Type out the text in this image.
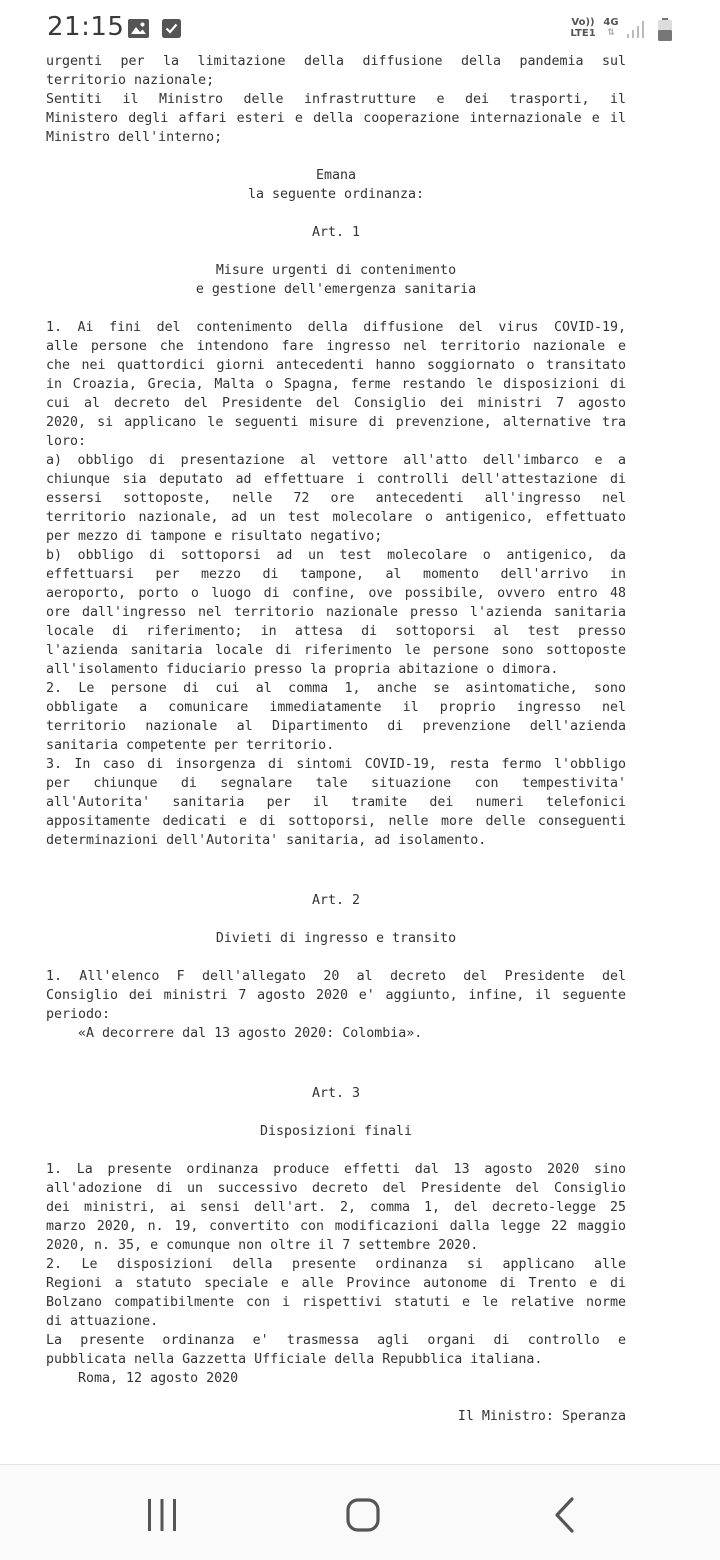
21:15	Vo))
LTE1
4G
⇅
urgenti per la limitazione della diffusione della pandemia sul
territorio nazionale;
Sentiti il Ministro delle infrastrutture e dei trasporti, il
Ministero degli affari esteri e della cooperazione internazionale e il
Ministro dell'interno;
Emana
la seguente ordinanza:
Art. 1
Misure urgenti di contenimento
e gestione dell'emergenza sanitaria
1. Ai fini del contenimento della diffusione del virus COVID-19,
alle persone che intendono fare ingresso nel territorio nazionale e
che nei quattordici giorni antecedenti hanno soggiornato o transitato
in Croazia, Grecia, Malta o Spagna, ferme restando le disposizioni di
cui al decreto del Presidente del Consiglio dei ministri 7 agosto
2020, si applicano le seguenti misure di prevenzione, alternative tra
loro:
a) obbligo di presentazione al vettore all'atto dell'imbarco e a
chiunque sia deputato ad effettuare i controlli dell'attestazione di
essersi sottoposte, nelle 72 ore antecedenti all'ingresso nel
territorio nazionale, ad un test molecolare o antigenico, effettuato
per mezzo di tampone e risultato negativo;
b) obbligo di sottoporsi ad un test molecolare o antigenico, da
effettuarsi per mezzo di tampone, al momento dell'arrivo in
aeroporto, porto o luogo di confine, ove possibile, ovvero entro 48
ore dall'ingresso nel territorio nazionale presso l'azienda sanitaria
locale di riferimento; in attesa di sottoporsi al test presso
l'azienda sanitaria locale di riferimento le persone sono sottoposte
all'isolamento fiduciario presso la propria abitazione o dimora.
2. Le persone di cui al comma 1, anche se asintomatiche, sono
obbligate a comunicare immediatamente il proprio ingresso nel
territorio nazionale al Dipartimento di prevenzione dell'azienda
sanitaria competente per territorio.
3. In caso di insorgenza di sintomi COVID-19, resta fermo l'obbligo
per chiunque di segnalare tale situazione con tempestivita'
all'Autorita' sanitaria per il tramite dei numeri telefonici
appositamente dedicati e di sottoporsi, nelle more delle conseguenti
determinazioni dell'Autorita' sanitaria, ad isolamento.
Art. 2
Divieti di ingresso e transito
1. All'elenco F dell'allegato 20 al decreto del Presidente del
Consiglio dei ministri 7 agosto 2020 e' aggiunto, infine, il seguente
periodo:
«A decorrere dal 13 agosto 2020: Colombia».
Art. 3
Disposizioni finali
1. La presente ordinanza produce effetti dal 13 agosto 2020 sino
all'adozione di un successivo decreto del Presidente del Consiglio
dei ministri, ai sensi dell'art. 2, comma 1, del decreto-legge 25
marzo 2020, n. 19, convertito con modificazioni dalla legge 22 maggio
2020, n. 35, e comunque non oltre il 7 settembre 2020.
2. Le disposizioni della presente ordinanza si applicano alle
Regioni a statuto speciale e alle Province autonome di Trento e di
Bolzano compatibilmente con i rispettivi statuti e le relative norme
di attuazione.
La presente ordinanza e' trasmessa agli organi di controllo e
pubblicata nella Gazzetta Ufficiale della Repubblica italiana.
Roma, 12 agosto 2020
Il Ministro: Speranza
